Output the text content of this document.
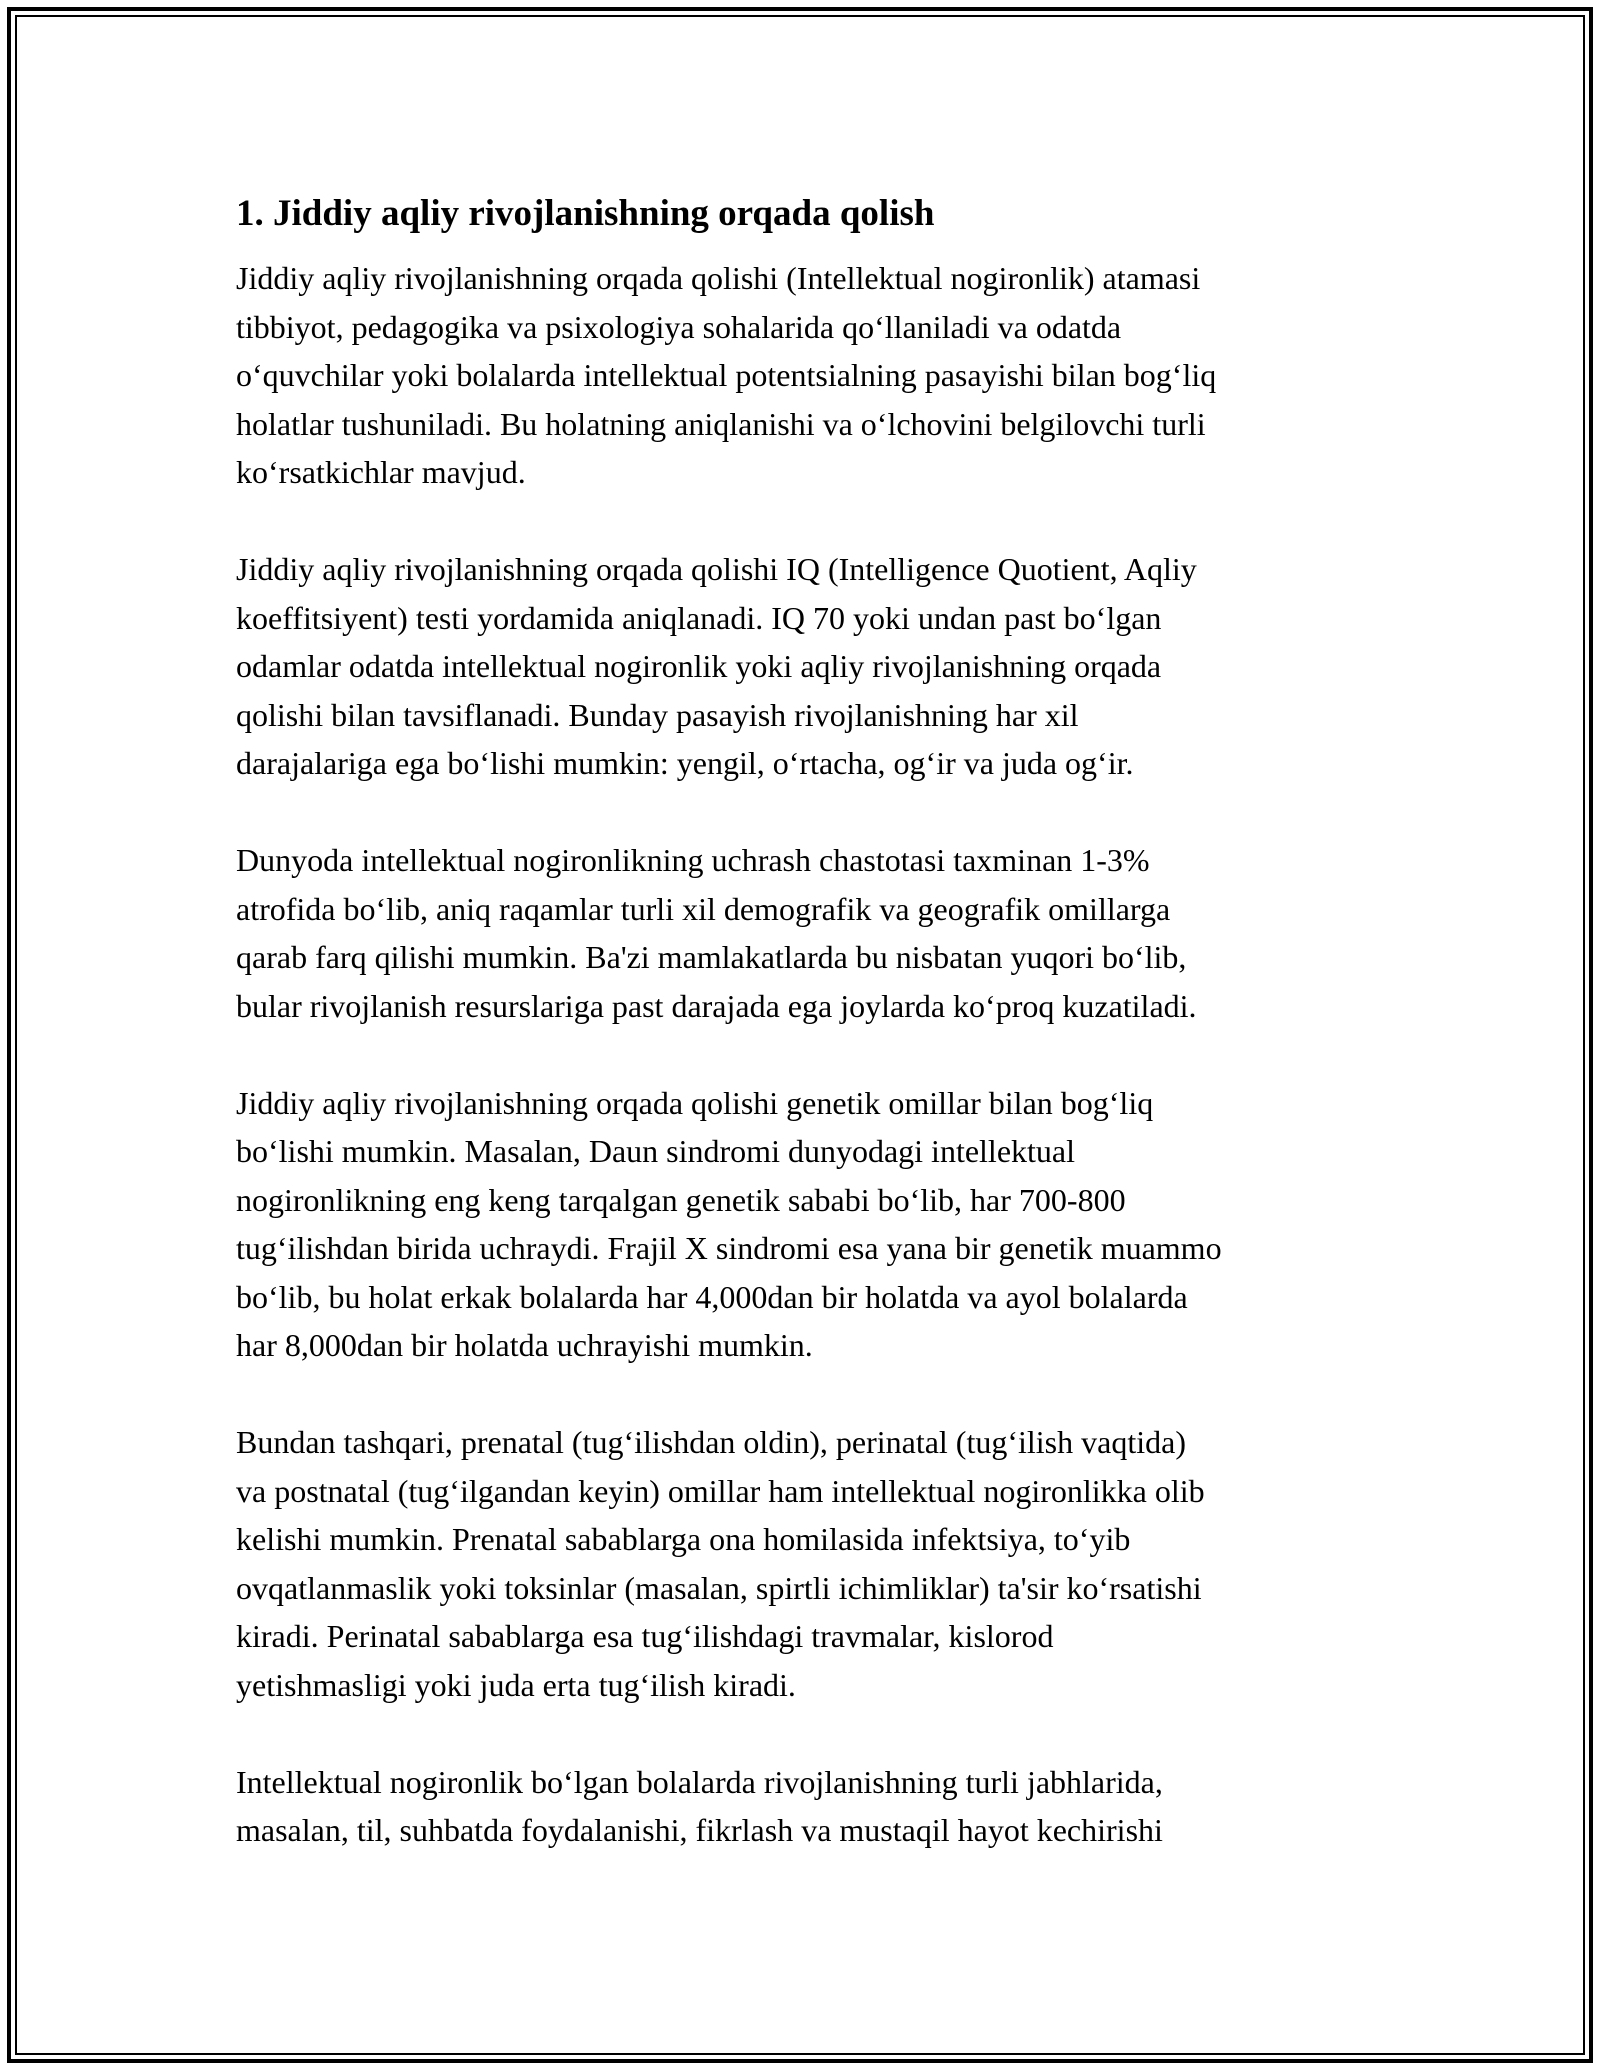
1. Jiddiy aqliy rivojlanishning orqada qolish

Jiddiy aqliy rivojlanishning orqada qolishi (Intellektual nogironlik) atamasi
tibbiyot, pedagogika va psixologiya sohalarida qo‘llaniladi va odatda
o‘quvchilar yoki bolalarda intellektual potentsialning pasayishi bilan bog‘liq
holatlar tushuniladi. Bu holatning aniqlanishi va o‘lchovini belgilovchi turli
ko‘rsatkichlar mavjud.

Jiddiy aqliy rivojlanishning orqada qolishi IQ (Intelligence Quotient, Aqliy
koeffitsiyent) testi yordamida aniqlanadi. IQ 70 yoki undan past bo‘lgan
odamlar odatda intellektual nogironlik yoki aqliy rivojlanishning orqada
qolishi bilan tavsiflanadi. Bunday pasayish rivojlanishning har xil
darajalariga ega bo‘lishi mumkin: yengil, o‘rtacha, og‘ir va juda og‘ir.

Dunyoda intellektual nogironlikning uchrash chastotasi taxminan 1-3%
atrofida bo‘lib, aniq raqamlar turli xil demografik va geografik omillarga
qarab farq qilishi mumkin. Ba'zi mamlakatlarda bu nisbatan yuqori bo‘lib,
bular rivojlanish resurslariga past darajada ega joylarda ko‘proq kuzatiladi.

Jiddiy aqliy rivojlanishning orqada qolishi genetik omillar bilan bog‘liq
bo‘lishi mumkin. Masalan, Daun sindromi dunyodagi intellektual
nogironlikning eng keng tarqalgan genetik sababi bo‘lib, har 700-800
tug‘ilishdan birida uchraydi. Frajil X sindromi esa yana bir genetik muammo
bo‘lib, bu holat erkak bolalarda har 4,000dan bir holatda va ayol bolalarda
har 8,000dan bir holatda uchrayishi mumkin.

Bundan tashqari, prenatal (tug‘ilishdan oldin), perinatal (tug‘ilish vaqtida)
va postnatal (tug‘ilgandan keyin) omillar ham intellektual nogironlikka olib
kelishi mumkin. Prenatal sabablarga ona homilasida infektsiya, to‘yib
ovqatlanmaslik yoki toksinlar (masalan, spirtli ichimliklar) ta'sir ko‘rsatishi
kiradi. Perinatal sabablarga esa tug‘ilishdagi travmalar, kislorod
yetishmasligi yoki juda erta tug‘ilish kiradi.

Intellektual nogironlik bo‘lgan bolalarda rivojlanishning turli jabhlarida,
masalan, til, suhbatda foydalanishi, fikrlash va mustaqil hayot kechirishi
